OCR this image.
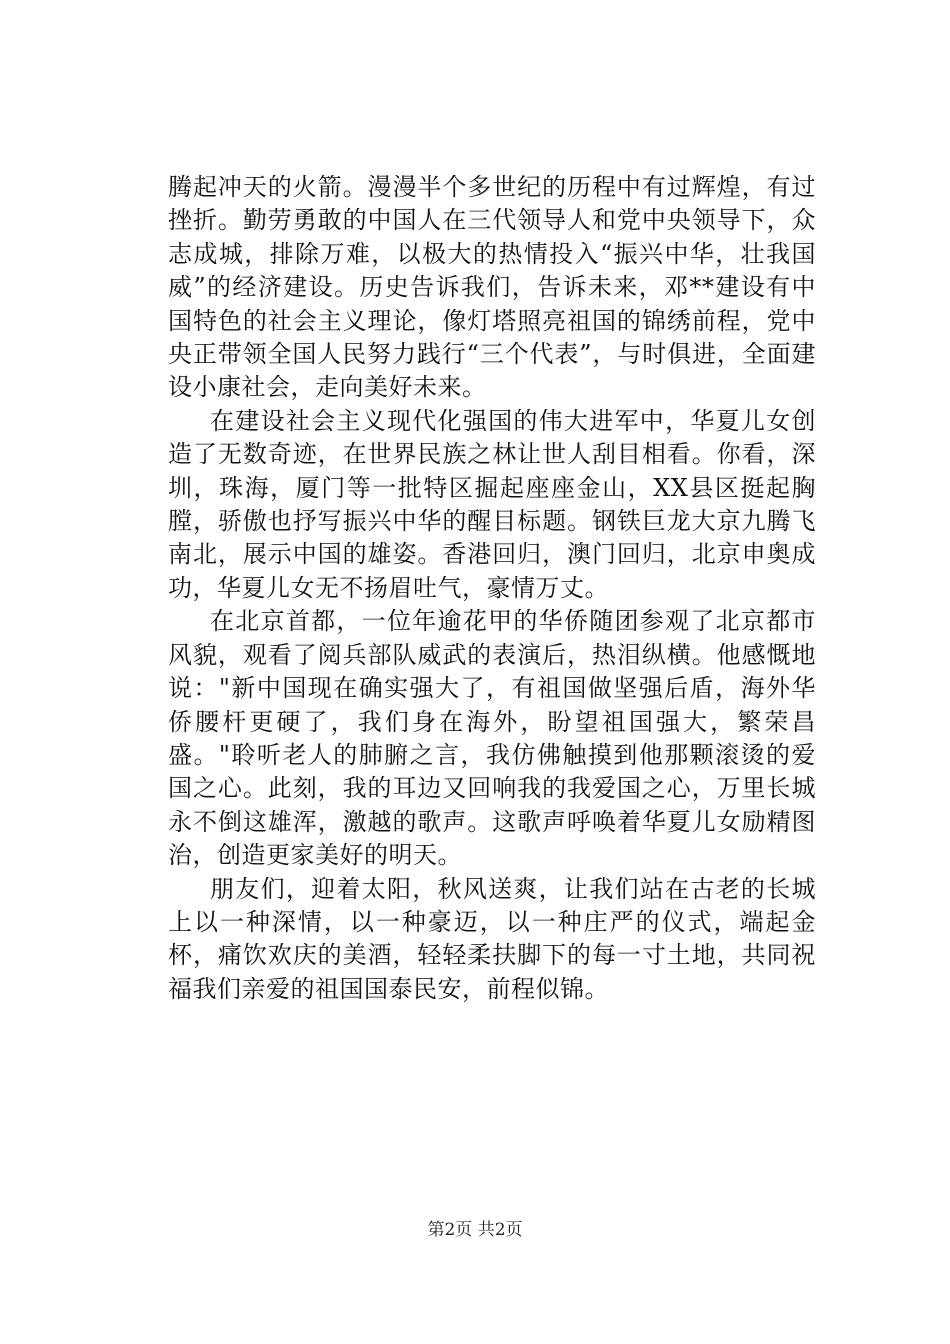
腾起冲天的火箭。漫漫半个多世纪的历程中有过辉煌，有过挫折。勤劳勇敢的中国人在三代领导人和党中央领导下，众志成城，排除万难，以极大的热情投入“振兴中华，壮我国威”的经济建设。历史告诉我们，告诉未来，邓**建设有中国特色的社会主义理论，像灯塔照亮祖国的锦绣前程，党中央正带领全国人民努力践行“三个代表”，与时俱进，全面建设小康社会，走向美好未来。

在建设社会主义现代化强国的伟大进军中，华夏儿女创造了无数奇迹，在世界民族之林让世人刮目相看。你看，深圳，珠海，厦门等一批特区掘起座座金山，XX县区挺起胸膛，骄傲也抒写振兴中华的醒目标题。钢铁巨龙大京九腾飞南北，展示中国的雄姿。香港回归，澳门回归，北京申奥成功，华夏儿女无不扬眉吐气，豪情万丈。

在北京首都，一位年逾花甲的华侨随团参观了北京都市风貌，观看了阅兵部队威武的表演后，热泪纵横。他感慨地说："新中国现在确实强大了，有祖国做坚强后盾，海外华侨腰杆更硬了，我们身在海外，盼望祖国强大，繁荣昌盛。"聆听老人的肺腑之言，我仿佛触摸到他那颗滚烫的爱国之心。此刻，我的耳边又回响我的我爱国之心，万里长城永不倒这雄浑，激越的歌声。这歌声呼唤着华夏儿女励精图治，创造更家美好的明天。

朋友们，迎着太阳，秋风送爽，让我们站在古老的长城上以一种深情，以一种豪迈，以一种庄严的仪式，端起金杯，痛饮欢庆的美酒，轻轻柔扶脚下的每一寸土地，共同祝福我们亲爱的祖国国泰民安，前程似锦。

第2页 共2页
